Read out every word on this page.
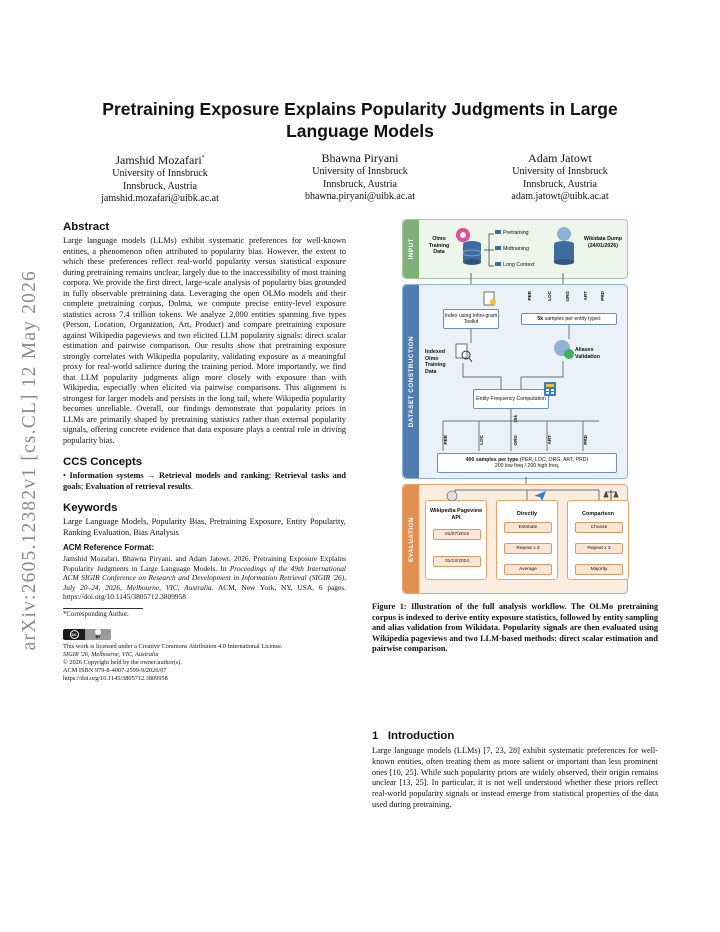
arXiv:2605.12382v1 [cs.CL] 12 May 2026
Pretraining Exposure Explains Popularity Judgments in Large Language Models
Jamshid Mozafari*
University of Innsbruck
Innsbruck, Austria
jamshid.mozafari@uibk.ac.at
Bhawna Piryani
University of Innsbruck
Innsbruck, Austria
bhawna.piryani@uibk.ac.at
Adam Jatowt
University of Innsbruck
Innsbruck, Austria
adam.jatowt@uibk.ac.at
Abstract

Large language models (LLMs) exhibit systematic preferences for well-known entities, a phenomenon often attributed to popularity bias. However, the extent to which these preferences reflect real-world popularity versus statistical exposure during pretraining remains unclear, largely due to the inaccessibility of most training corpora. We provide the first direct, large-scale analysis of popularity bias grounded in fully observable pretraining data. Leveraging the open OLMo models and their complete pretraining corpus, Dolma, we compute precise entity-level exposure statistics across 7.4 trillion tokens. We analyze 2,000 entities spanning five types (Person, Location, Organization, Art, Product) and compare pretraining exposure against Wikipedia pageviews and two elicited LLM popularity signals: direct scalar estimation and pairwise comparison. Our results show that pretraining exposure strongly correlates with Wikipedia popularity, validating exposure as a meaningful proxy for real-world salience during the training period. More importantly, we find that LLM popularity judgments align more closely with exposure than with Wikipedia, especially when elicited via pairwise comparisons. This alignment is strongest for larger models and persists in the long tail, where Wikipedia popularity becomes unreliable. Overall, our findings demonstrate that popularity priors in LLMs are primarily shaped by pretraining statistics rather than external popularity signals, offering concrete evidence that data exposure plays a central role in driving popularity bias.

CCS Concepts

• Information systems → Retrieval models and ranking; Retrieval tasks and goals; Evaluation of retrieval results.

Keywords

Large Language Models, Popularity Bias, Pretraining Exposure, Entity Popularity, Ranking Evaluation, Bias Analysis

ACM Reference Format:

Jamshid Mozafari, Bhawna Piryani, and Adam Jatowt. 2026. Pretraining Exposure Explains Popularity Judgments in Large Language Models. In Proceedings of the 49th International ACM SIGIR Conference on Research and Development in Information Retrieval (SIGIR '26), July 20–24, 2026, Melbourne, VIC, Australia. ACM, New York, NY, USA, 6 pages. https://doi.org/10.1145/3805712.3809958

*Corresponding Author.

cc
BY

This work is licensed under a Creative Commons Attribution 4.0 International License.

SIGIR '26, Melbourne, VIC, Australia

© 2026 Copyright held by the owner/author(s).

ACM ISBN 979-8-4007-2599-9/2026/07

https://doi.org/10.1145/3805712.3809958

INPUT	Olmo Training Data
Pretraining
Midtraining
Long Context
Wikidata Dump (24/01/2026)
DATASET CONSTRUCTION
Index using Infini-gram Toolkit
PER	LOC	ORG	ART	PRD
5k samples per entity types
Indexed Olmo Training Data
Aliases Validation
Entity Frequency Computation
25k
PER	LOC	ORG	ART	PRD
400 samples per type (PER, LOC, ORG, ART, PRD)
200 low freq / 200 high freq.
EVALUATION
Wikipedia Pageview API
01/07/2015
31/12/2024
Directly
Estimate
Repeat x 3
Average
Comparison
Choose
Repeat x 3
Majority

Figure 1: Illustration of the full analysis workflow. The OLMo pretraining corpus is indexed to derive entity exposure statistics, followed by entity sampling and alias validation from Wikidata. Popularity signals are then evaluated using Wikipedia pageviews and two LLM-based methods: direct scalar estimation and pairwise comparison.

1 Introduction

Large language models (LLMs) [7, 23, 28] exhibit systematic preferences for well-known entities, often treating them as more salient or important than less prominent ones [10, 25]. While such popularity priors are widely observed, their origin remains unclear [13, 25]. In particular, it is not well understood whether these priors reflect real-world popularity signals or instead emerge from statistical properties of the data used during pretraining.
